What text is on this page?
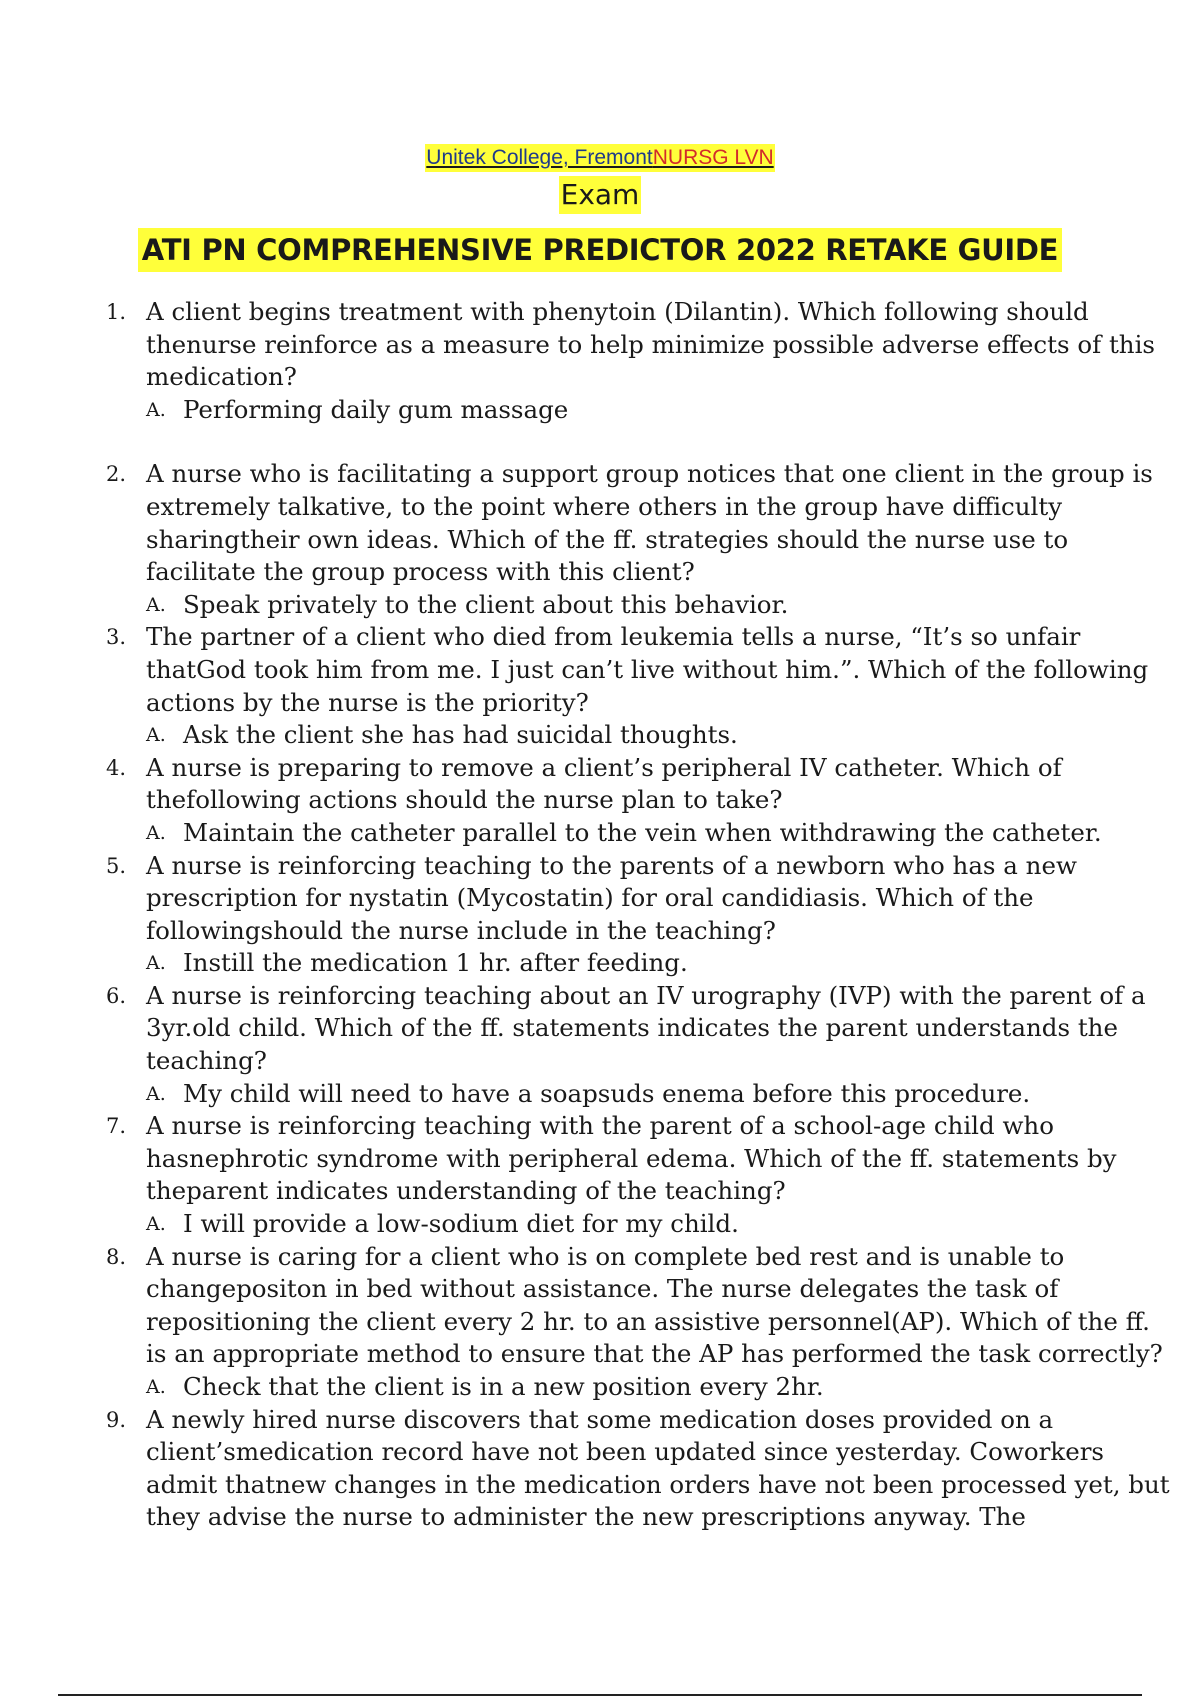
Unitek College, FremontNURSG LVN
Exam
ATI PN COMPREHENSIVE PREDICTOR 2022 RETAKE GUIDE
1. A client begins treatment with phenytoin (Dilantin). Which following should thenurse reinforce as a measure to help minimize possible adverse effects of this medication?
A. Performing daily gum massage
2. A nurse who is facilitating a support group notices that one client in the group is extremely talkative, to the point where others in the group have difficulty sharingtheir own ideas. Which of the ff. strategies should the nurse use to facilitate the group process with this client?
A. Speak privately to the client about this behavior.
3. The partner of a client who died from leukemia tells a nurse, “It’s so unfair thatGod took him from me. I just can’t live without him.”. Which of the following actions by the nurse is the priority?
A. Ask the client she has had suicidal thoughts.
4. A nurse is preparing to remove a client’s peripheral IV catheter. Which of thefollowing actions should the nurse plan to take?
A. Maintain the catheter parallel to the vein when withdrawing the catheter.
5. A nurse is reinforcing teaching to the parents of a newborn who has a new prescription for nystatin (Mycostatin) for oral candidiasis. Which of the followingshould the nurse include in the teaching?
A. Instill the medication 1 hr. after feeding.
6. A nurse is reinforcing teaching about an IV urography (IVP) with the parent of a 3yr.old child. Which of the ff. statements indicates the parent understands the teaching?
A. My child will need to have a soapsuds enema before this procedure.
7. A nurse is reinforcing teaching with the parent of a school-age child who hasnephrotic syndrome with peripheral edema. Which of the ff. statements by theparent indicates understanding of the teaching?
A. I will provide a low-sodium diet for my child.
8. A nurse is caring for a client who is on complete bed rest and is unable to changepositon in bed without assistance. The nurse delegates the task of repositioning the client every 2 hr. to an assistive personnel(AP). Which of the ff. is an appropriate method to ensure that the AP has performed the task correctly?
A. Check that the client is in a new position every 2hr.
9. A newly hired nurse discovers that some medication doses provided on a client’smedication record have not been updated since yesterday. Coworkers admit thatnew changes in the medication orders have not been processed yet, but they advise the nurse to administer the new prescriptions anyway. The
